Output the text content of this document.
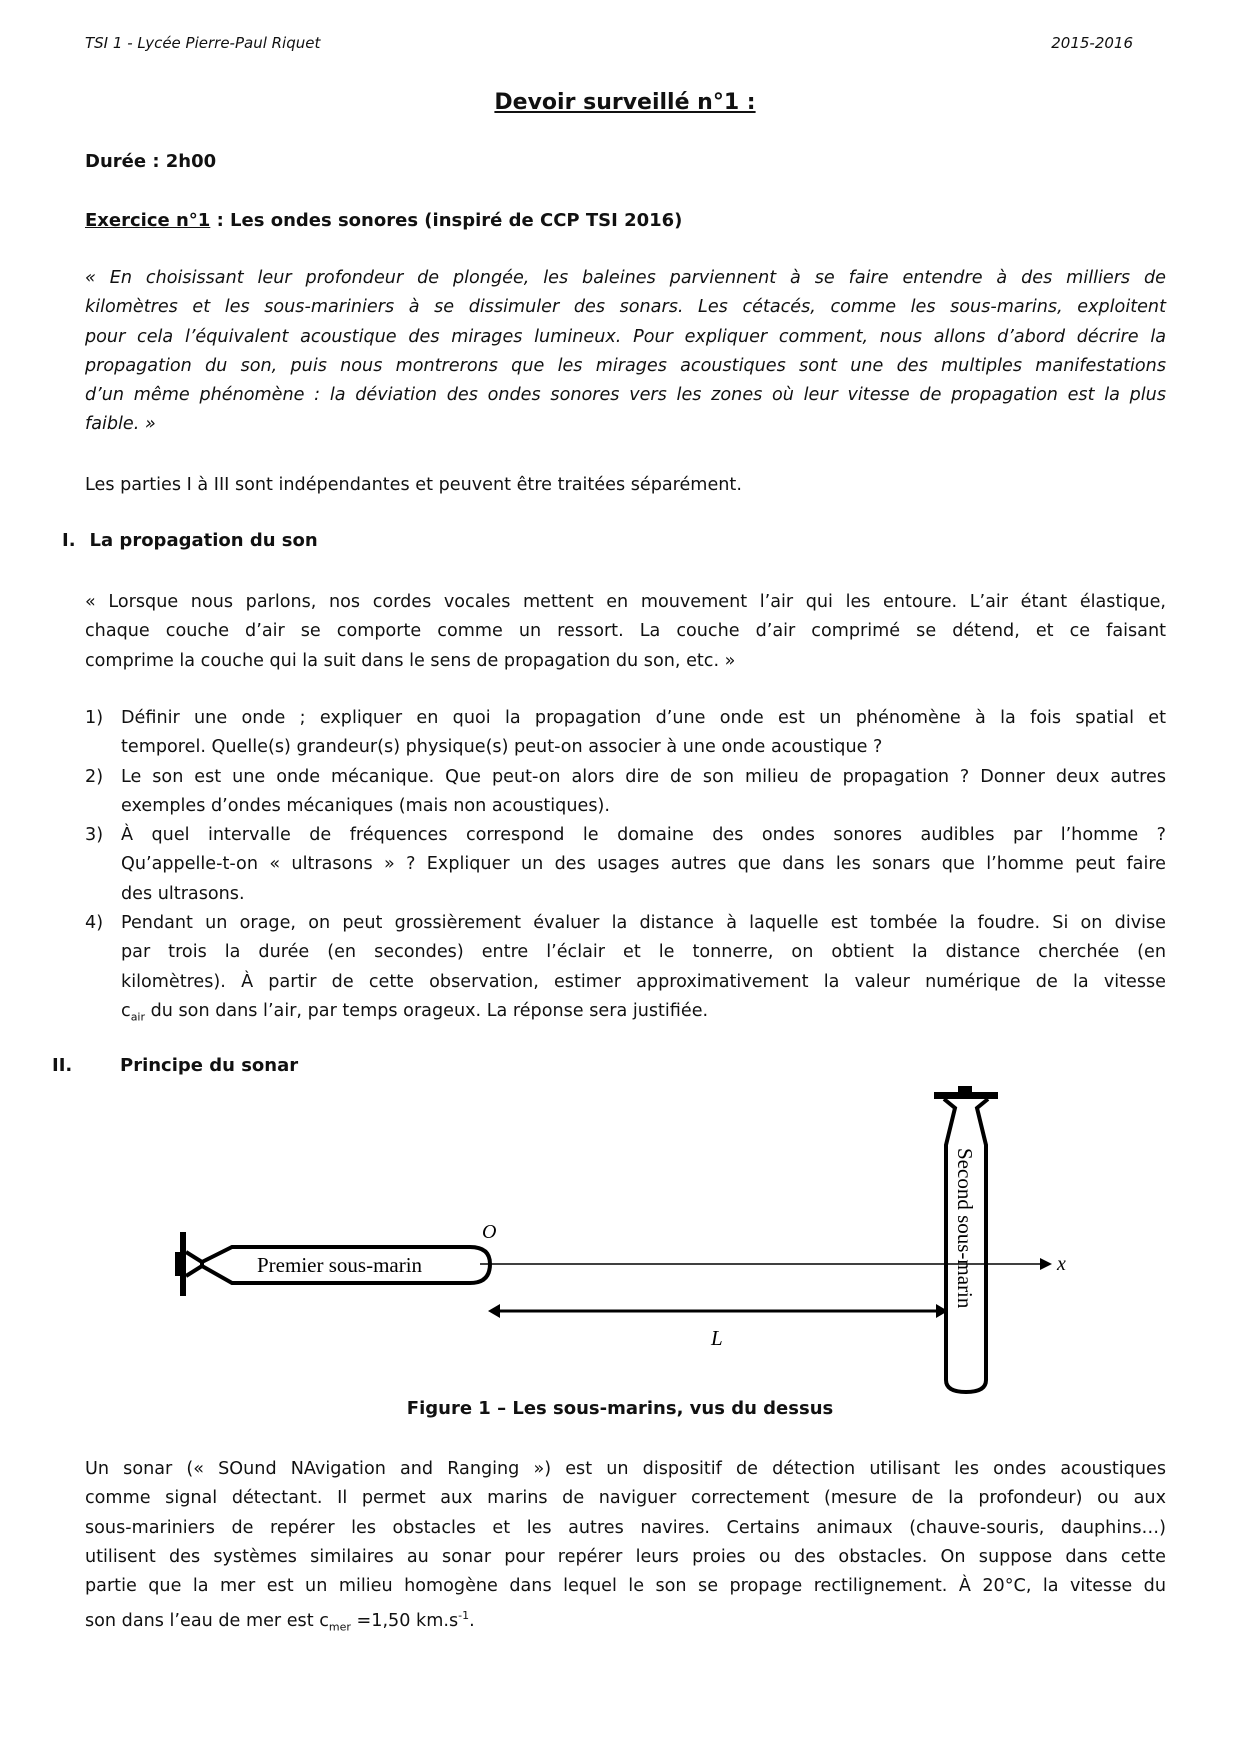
TSI 1 - Lycée Pierre-Paul Riquet	2015-2016
Devoir surveillé n°1 :
Durée : 2h00
Exercice n°1 : Les ondes sonores (inspiré de CCP TSI 2016)
« En choisissant leur profondeur de plongée, les baleines parviennent à se faire entendre à des milliers de
kilomètres et les sous-mariniers à se dissimuler des sonars. Les cétacés, comme les sous-marins, exploitent
pour cela l’équivalent acoustique des mirages lumineux. Pour expliquer comment, nous allons d’abord décrire la
propagation du son, puis nous montrerons que les mirages acoustiques sont une des multiples manifestations
d’un même phénomène : la déviation des ondes sonores vers les zones où leur vitesse de propagation est la plus
faible. »
Les parties I à III sont indépendantes et peuvent être traitées séparément.
I. La propagation du son
« Lorsque nous parlons, nos cordes vocales mettent en mouvement l’air qui les entoure. L’air étant élastique,
chaque couche d’air se comporte comme un ressort. La couche d’air comprimé se détend, et ce faisant
comprime la couche qui la suit dans le sens de propagation du son, etc. »
1) Définir une onde ; expliquer en quoi la propagation d’une onde est un phénomène à la fois spatial et
temporel. Quelle(s) grandeur(s) physique(s) peut-on associer à une onde acoustique ?
2) Le son est une onde mécanique. Que peut-on alors dire de son milieu de propagation ? Donner deux autres
exemples d’ondes mécaniques (mais non acoustiques).
3) À quel intervalle de fréquences correspond le domaine des ondes sonores audibles par l’homme ?
Qu’appelle-t-on « ultrasons » ? Expliquer un des usages autres que dans les sonars que l’homme peut faire
des ultrasons.
4) Pendant un orage, on peut grossièrement évaluer la distance à laquelle est tombée la foudre. Si on divise
par trois la durée (en secondes) entre l’éclair et le tonnerre, on obtient la distance cherchée (en
kilomètres). À partir de cette observation, estimer approximativement la valeur numérique de la vitesse
$c_{air}$ du son dans l’air, par temps orageux. La réponse sera justifiée.
II.	Principe du sonar
Premier sous-marin
O
x
Second sous-marin
L
Figure 1 – Les sous-marins, vus du dessus
Un sonar (« SOund NAvigation and Ranging ») est un dispositif de détection utilisant les ondes acoustiques
comme signal détectant. Il permet aux marins de naviguer correctement (mesure de la profondeur) ou aux
sous-mariniers de repérer les obstacles et les autres navires. Certains animaux (chauve-souris, dauphins…)
utilisent des systèmes similaires au sonar pour repérer leurs proies ou des obstacles. On suppose dans cette
partie que la mer est un milieu homogène dans lequel le son se propage rectilignement. À 20°C, la vitesse du
son dans l’eau de mer est $c_{mer} =1,50$ $km.s^{-1}$.
